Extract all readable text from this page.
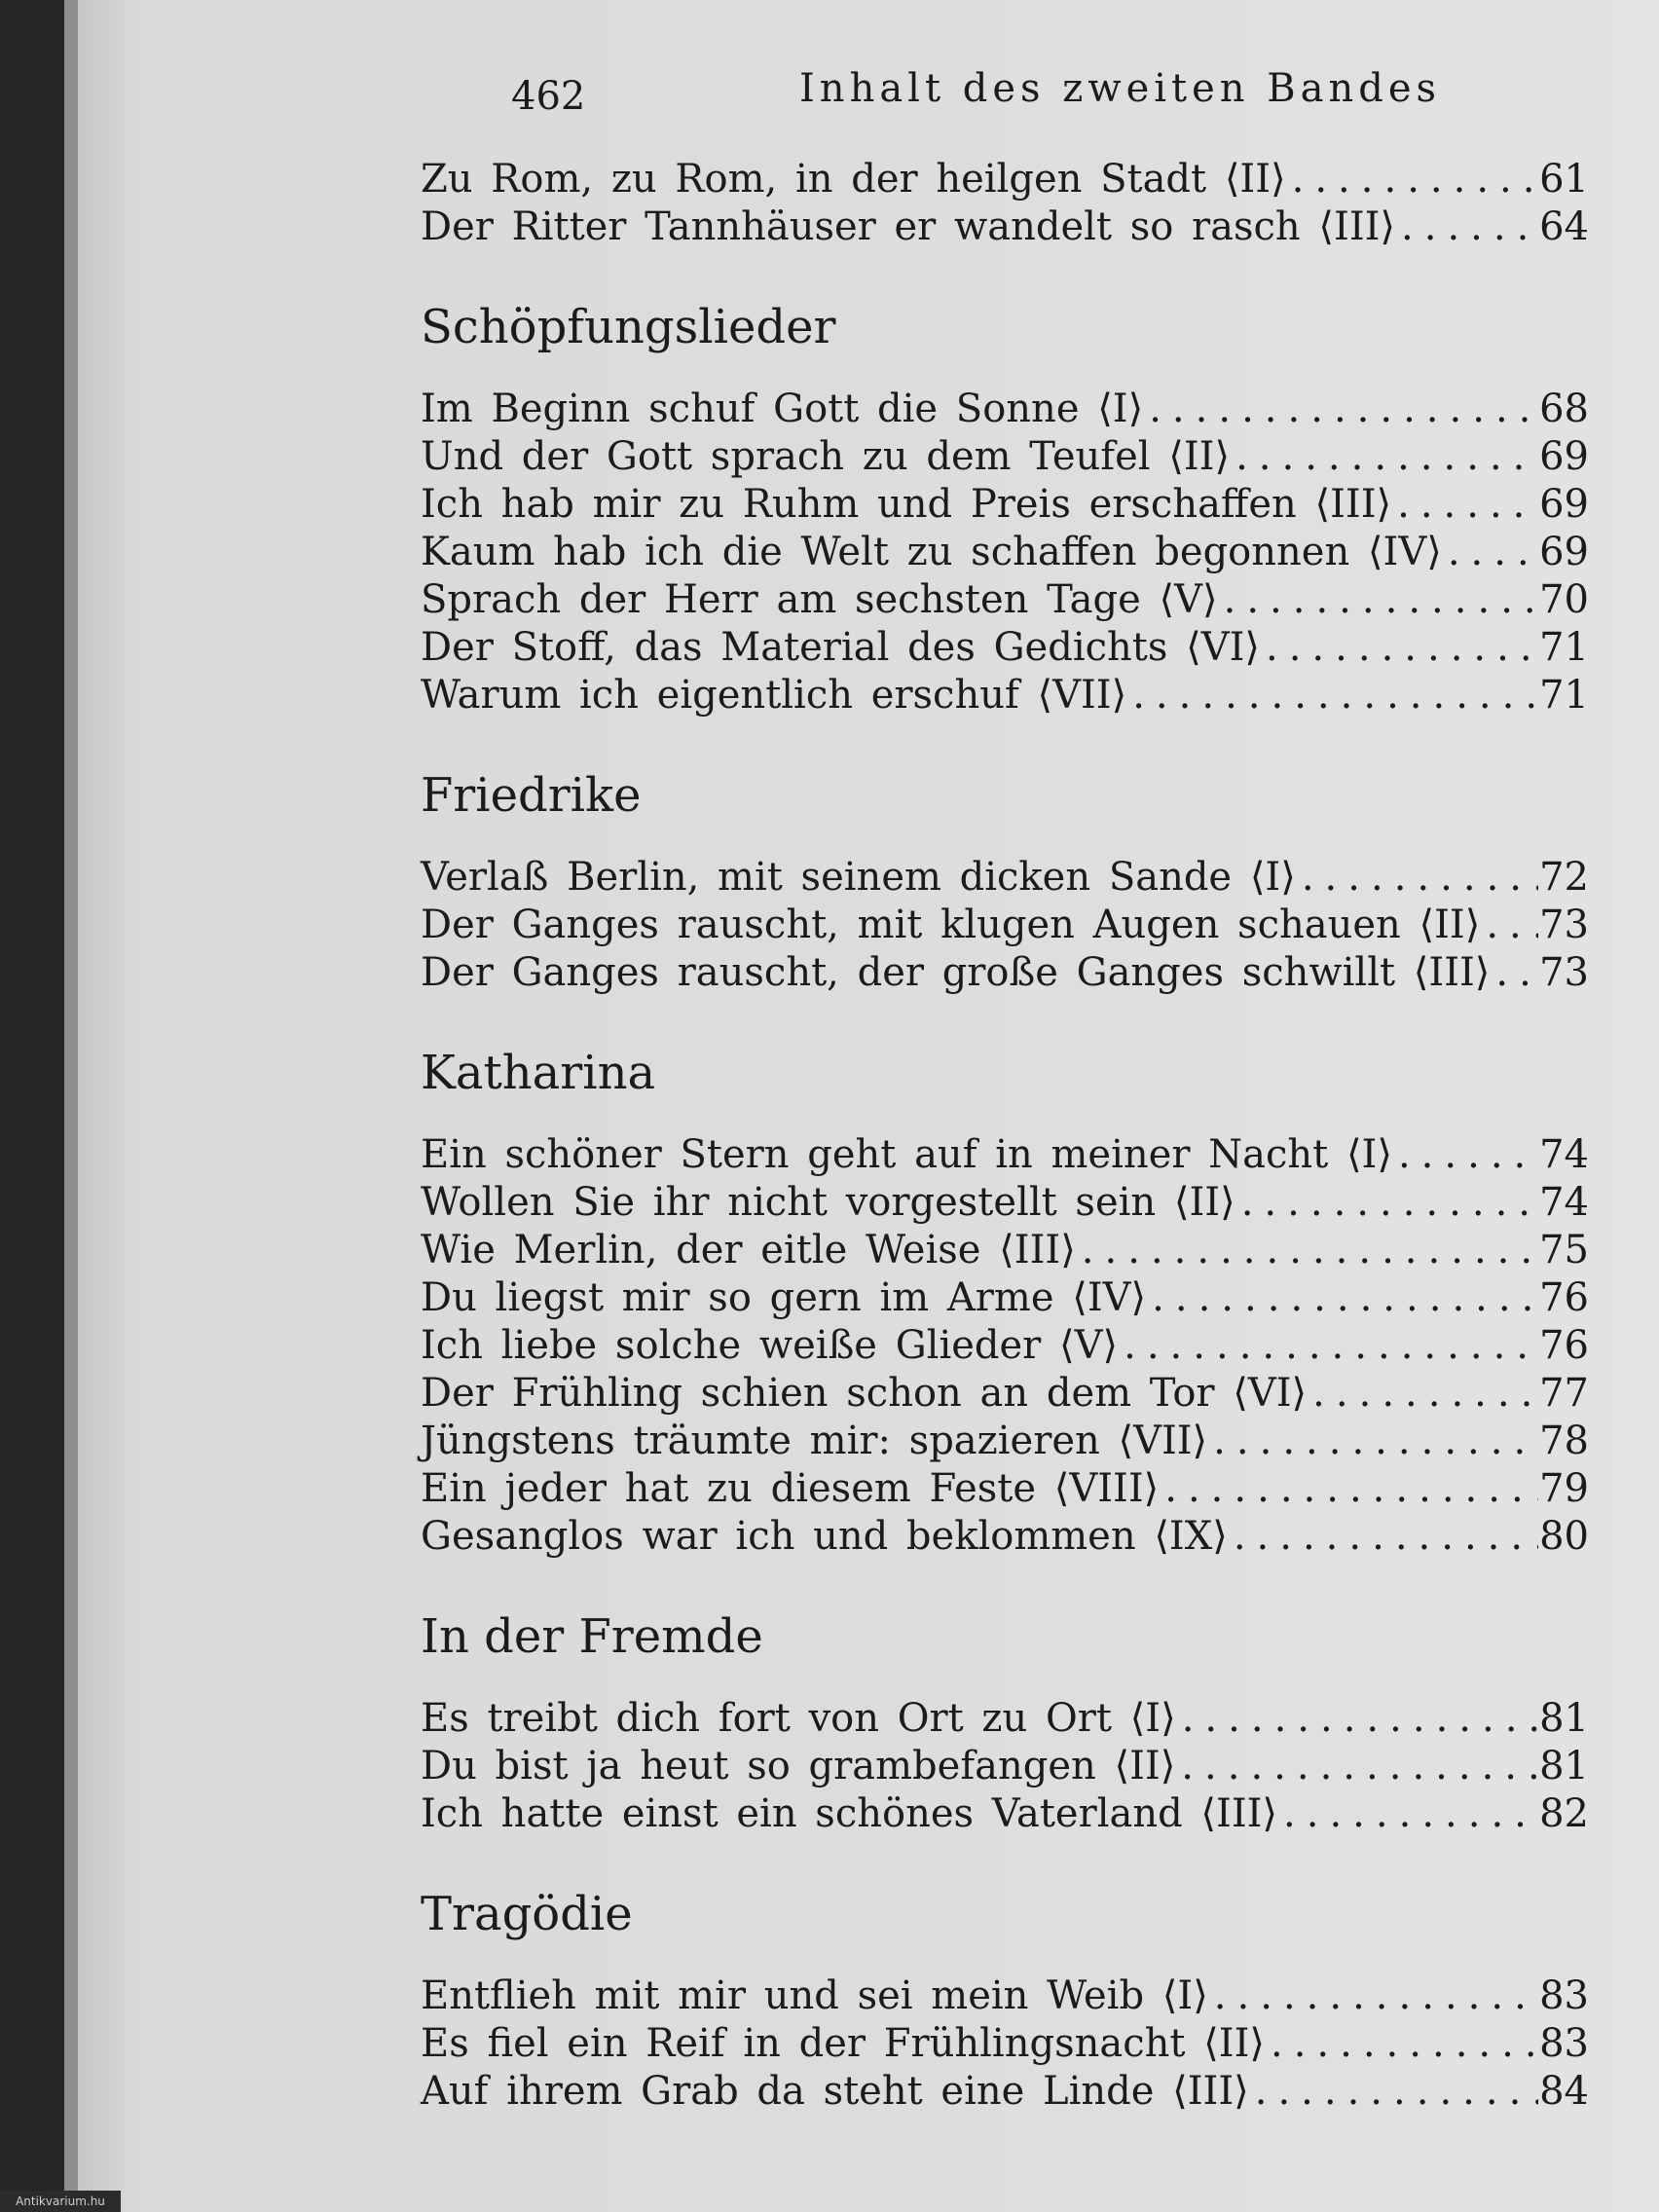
462	Inhalt des zweiten Bandes
Zu Rom, zu Rom, in der heilgen Stadt ⟨II⟩ .....	61
Der Ritter Tannhäuser er wandelt so rasch ⟨III⟩ .....	64
Schöpfungslieder
Im Beginn schuf Gott die Sonne ⟨I⟩ .....	68
Und der Gott sprach zu dem Teufel ⟨II⟩ .....	69
Ich hab mir zu Ruhm und Preis erschaffen ⟨III⟩ .....	69
Kaum hab ich die Welt zu schaffen begonnen ⟨IV⟩ .....	69
Sprach der Herr am sechsten Tage ⟨V⟩ .....	70
Der Stoff, das Material des Gedichts ⟨VI⟩ .....	71
Warum ich eigentlich erschuf ⟨VII⟩ .....	71
Friedrike
Verlaß Berlin, mit seinem dicken Sande ⟨I⟩ .....	72
Der Ganges rauscht, mit klugen Augen schauen ⟨II⟩ ..... 73
Der Ganges rauscht, der große Ganges schwillt ⟨III⟩ ..... 73
Katharina
Ein schöner Stern geht auf in meiner Nacht ⟨I⟩ .....	74
Wollen Sie ihr nicht vorgestellt sein ⟨II⟩ .....	74
Wie Merlin, der eitle Weise ⟨III⟩ .....	75
Du liegst mir so gern im Arme ⟨IV⟩ .....	76
Ich liebe solche weiße Glieder ⟨V⟩ .....	76
Der Frühling schien schon an dem Tor ⟨VI⟩ .....	77
Jüngstens träumte mir: spazieren ⟨VII⟩ .....	78
Ein jeder hat zu diesem Feste ⟨VIII⟩ .....	79
Gesanglos war ich und beklommen ⟨IX⟩ .....	80
In der Fremde
Es treibt dich fort von Ort zu Ort ⟨I⟩ .....	81
Du bist ja heut so grambefangen ⟨II⟩ .....	81
Ich hatte einst ein schönes Vaterland ⟨III⟩ .....	82
Tragödie
Entflieh mit mir und sei mein Weib ⟨I⟩ .....	83
Es fiel ein Reif in der Frühlingsnacht ⟨II⟩ .....	83
Auf ihrem Grab da steht eine Linde ⟨III⟩ .....	84
Antikvarium.hu
